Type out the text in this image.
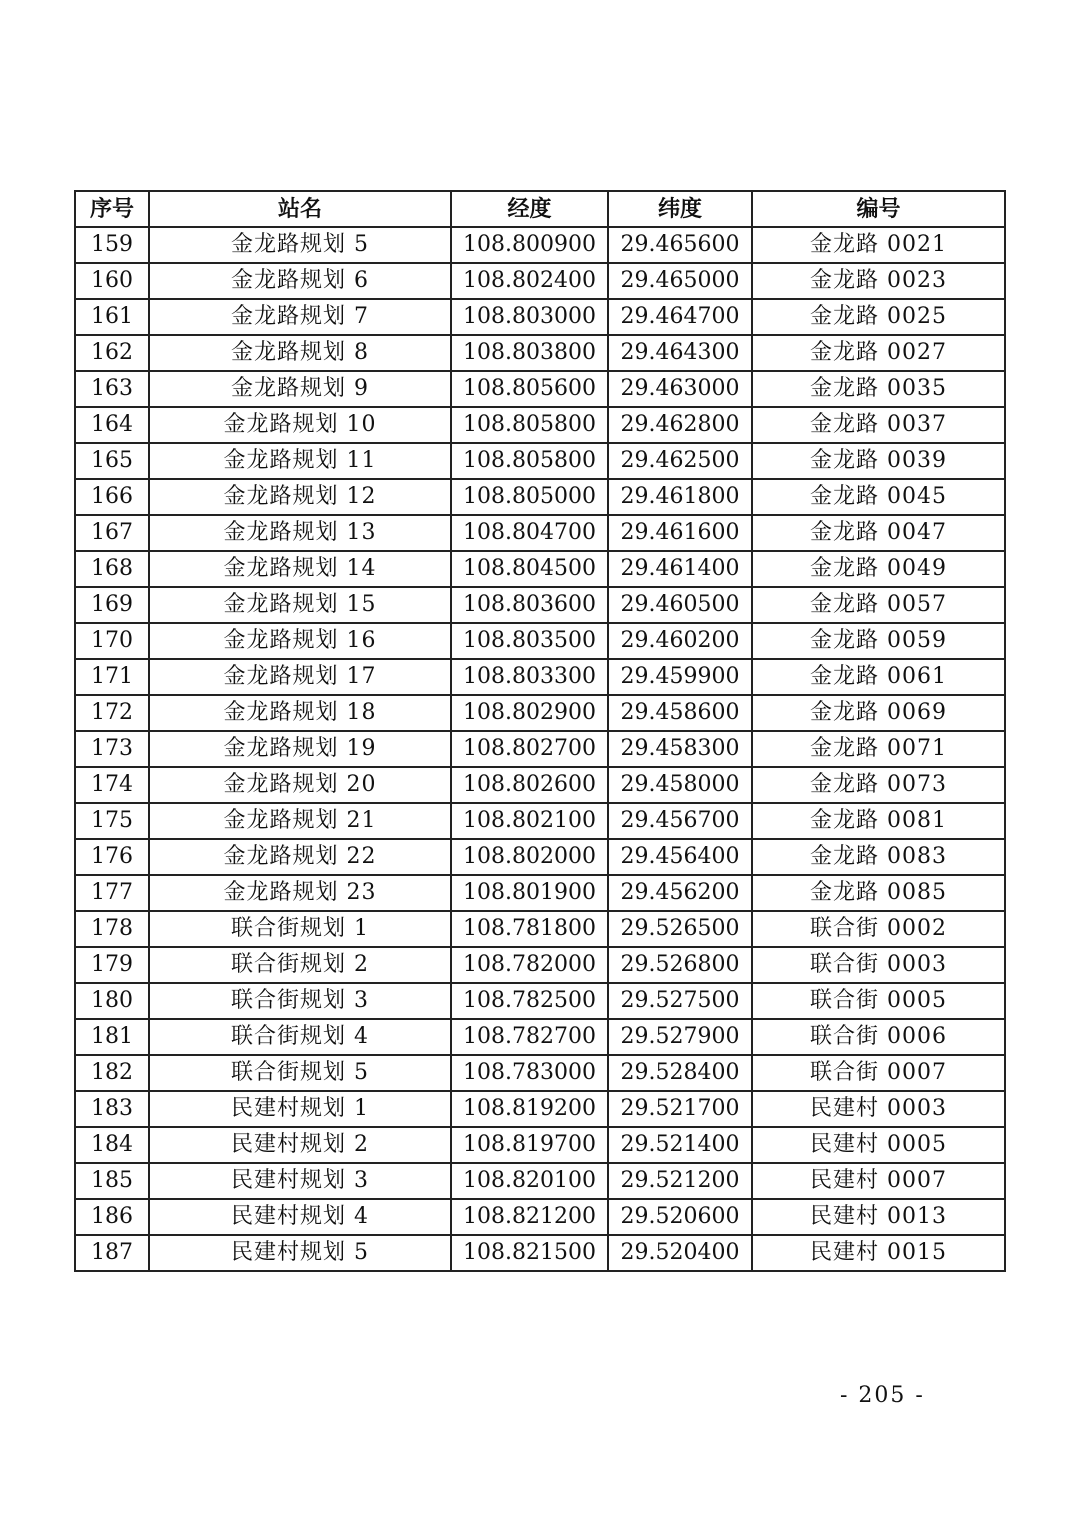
序号	站名	经度	纬度	编号
159	金龙路规划 5	108.800900	29.465600	金龙路 0021
160	金龙路规划 6	108.802400	29.465000	金龙路 0023
161	金龙路规划 7	108.803000	29.464700	金龙路 0025
162	金龙路规划 8	108.803800	29.464300	金龙路 0027
163	金龙路规划 9	108.805600	29.463000	金龙路 0035
164	金龙路规划 10	108.805800	29.462800	金龙路 0037
165	金龙路规划 11	108.805800	29.462500	金龙路 0039
166	金龙路规划 12	108.805000	29.461800	金龙路 0045
167	金龙路规划 13	108.804700	29.461600	金龙路 0047
168	金龙路规划 14	108.804500	29.461400	金龙路 0049
169	金龙路规划 15	108.803600	29.460500	金龙路 0057
170	金龙路规划 16	108.803500	29.460200	金龙路 0059
171	金龙路规划 17	108.803300	29.459900	金龙路 0061
172	金龙路规划 18	108.802900	29.458600	金龙路 0069
173	金龙路规划 19	108.802700	29.458300	金龙路 0071
174	金龙路规划 20	108.802600	29.458000	金龙路 0073
175	金龙路规划 21	108.802100	29.456700	金龙路 0081
176	金龙路规划 22	108.802000	29.456400	金龙路 0083
177	金龙路规划 23	108.801900	29.456200	金龙路 0085
178	联合街规划 1	108.781800	29.526500	联合街 0002
179	联合街规划 2	108.782000	29.526800	联合街 0003
180	联合街规划 3	108.782500	29.527500	联合街 0005
181	联合街规划 4	108.782700	29.527900	联合街 0006
182	联合街规划 5	108.783000	29.528400	联合街 0007
183	民建村规划 1	108.819200	29.521700	民建村 0003
184	民建村规划 2	108.819700	29.521400	民建村 0005
185	民建村规划 3	108.820100	29.521200	民建村 0007
186	民建村规划 4	108.821200	29.520600	民建村 0013
187	民建村规划 5	108.821500	29.520400	民建村 0015
- 205 -
